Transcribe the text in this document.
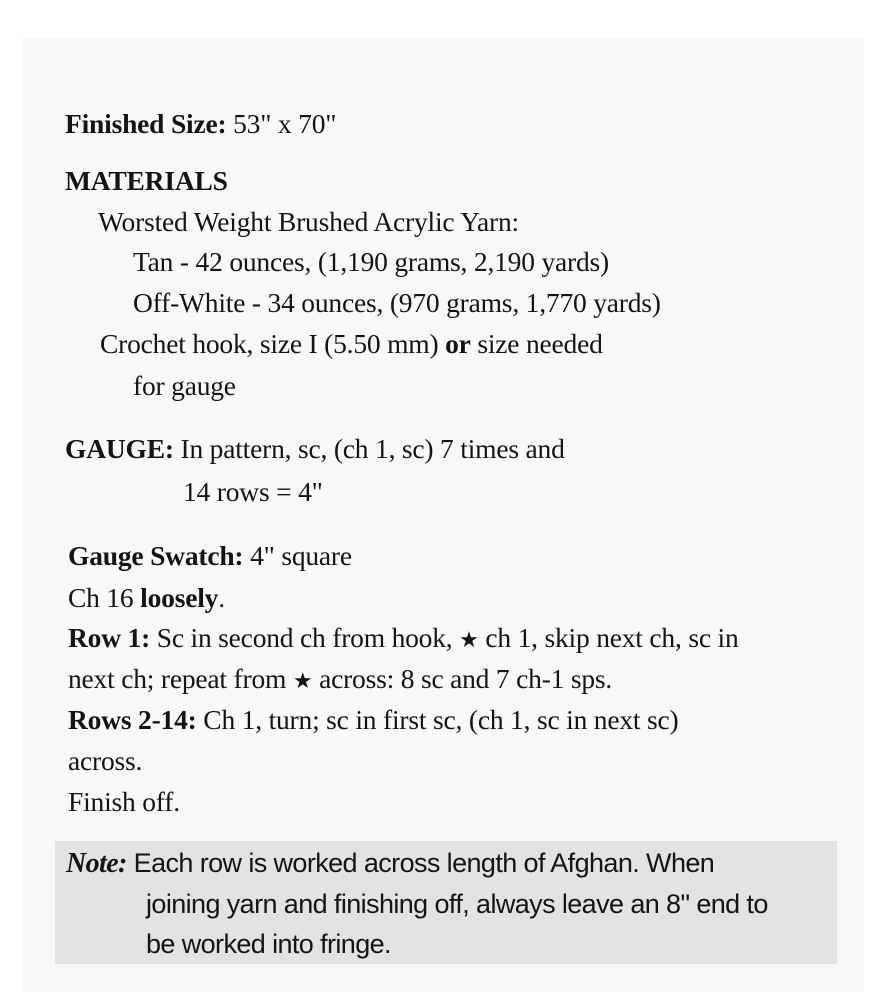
Finished Size: 53" x 70"
MATERIALS
Worsted Weight Brushed Acrylic Yarn:
Tan - 42 ounces, (1,190 grams, 2,190 yards)
Off-White - 34 ounces, (970 grams, 1,770 yards)
Crochet hook, size I (5.50 mm) or size needed
for gauge
GAUGE: In pattern, sc, (ch 1, sc) 7 times and
14 rows = 4"
Gauge Swatch: 4" square
Ch 16 loosely.
Row 1: Sc in second ch from hook, ★ ch 1, skip next ch, sc in
next ch; repeat from ★ across: 8 sc and 7 ch-1 sps.
Rows 2-14: Ch 1, turn; sc in first sc, (ch 1, sc in next sc)
across.
Finish off.
Note: Each row is worked across length of Afghan. When
joining yarn and finishing off, always leave an 8" end to
be worked into fringe.
